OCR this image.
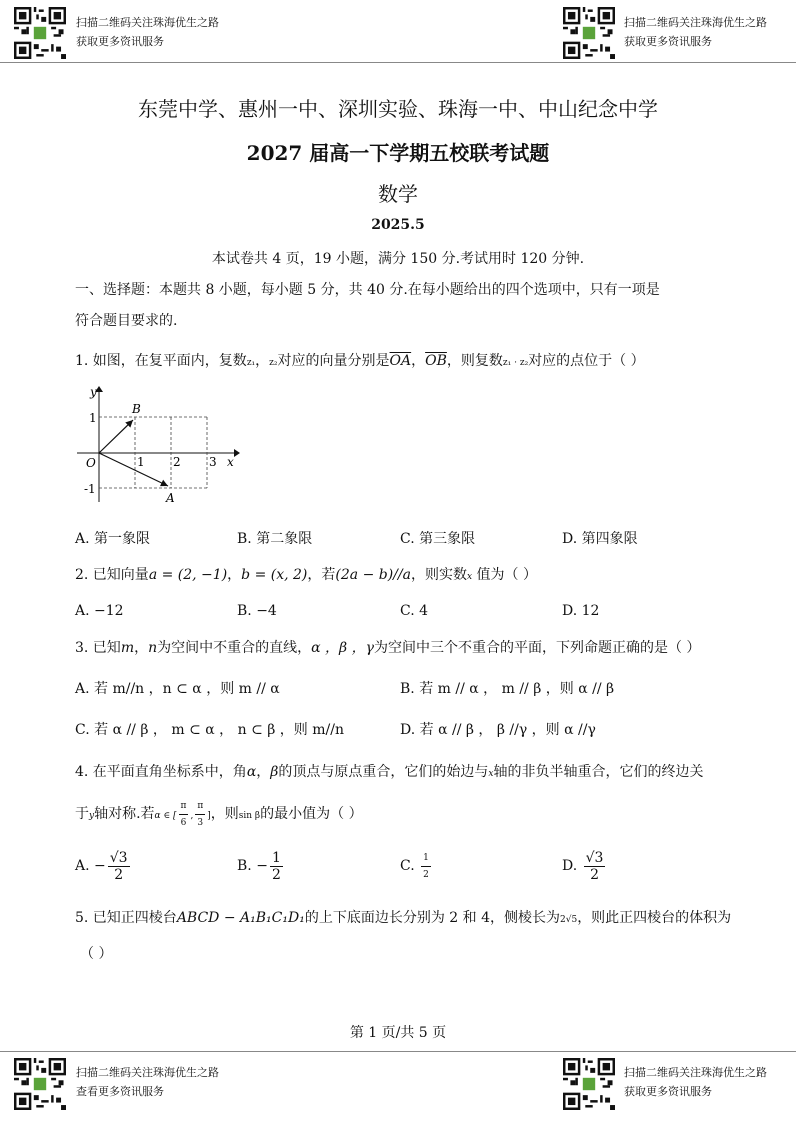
扫描二维码关注珠海优生之路
获取更多资讯服务
扫描二维码关注珠海优生之路
获取更多资讯服务
东莞中学、惠州一中、深圳实验、珠海一中、中山纪念中学
2027 届高一下学期五校联考试题
数学
2025.5
本试卷共 4 页，19 小题，满分 150 分.考试用时 120 分钟.
一、选择题：本题共 8 小题，每小题 5 分，共 40 分.在每小题给出的四个选项中，只有一项是
符合题目要求的.
1. 如图，在复平面内，复数z₁，z₂对应的向量分别是$\overline{OA}$，$\overline{OB}$，则复数z₁ · z₂对应的点位于（ ）
y
x
O	1 2 3
1
-1
B
A
A. 第一象限	B. 第二象限	C. 第三象限	D. 第四象限
2. 已知向量a = (2, −1)，b = (x, 2)，若(2a − b)//a，则实数x 值为（ ）
A. −12	B. −4	C. 4	D. 12
3. 已知m，n为空间中不重合的直线，α ，β ，γ为空间中三个不重合的平面，下列命题正确的是（ ）
A. 若 m//n ，n ⊂ α ，则 m // α	B. 若 m // α ， m // β ，则 α // β
C. 若 α // β ， m ⊂ α ， n ⊂ β ，则 m//n	D. 若 α // β ， β //γ ，则 α //γ
4. 在平面直角坐标系中，角α，β的顶点与原点重合，它们的始边与x轴的非负半轴重合，它们的终边关
于y轴对称.若α ∈ [ $\frac{\pi}{6}$ , $\frac{\pi}{3}$ ]，则sin β的最小值为（ ）
A. − $\frac{√3}{2}$	B. − $\frac{1}{2}$	C. $\frac{1}{2}$	D. $\frac{√3}{2}$
5. 已知正四棱台ABCD − A₁B₁C₁D₁的上下底面边长分别为 2 和 4，侧棱长为2√5，则此正四棱台的体积为
（ ）
第 1 页/共 5 页
扫描二维码关注珠海优生之路
查看更多资讯服务
扫描二维码关注珠海优生之路
获取更多资讯服务
